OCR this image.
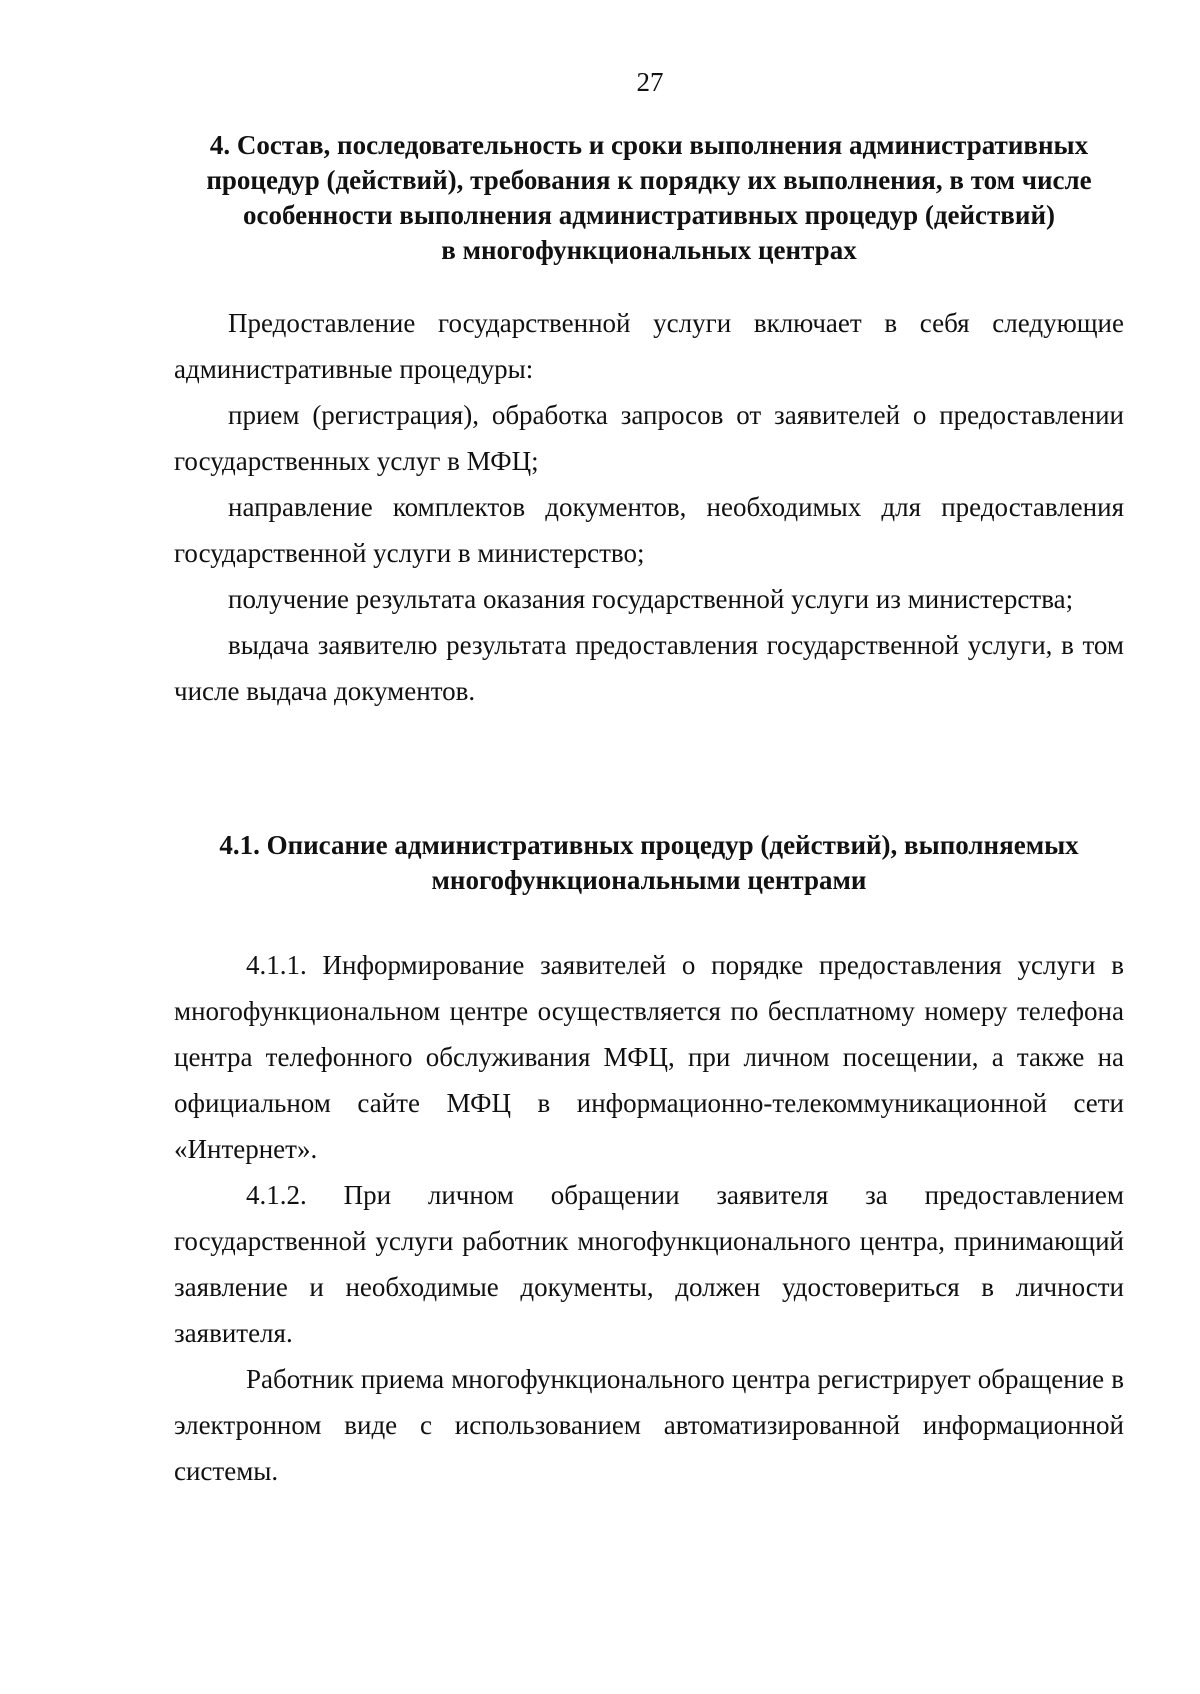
27

4. Состав, последовательность и сроки выполнения административных
процедур (действий), требования к порядку их выполнения, в том числе
особенности выполнения административных процедур (действий)
в многофункциональных центрах

Предоставление государственной услуги включает в себя следующие административные процедуры:

прием (регистрация), обработка запросов от заявителей о предоставлении государственных услуг в МФЦ;

направление комплектов документов, необходимых для предоставления государственной услуги в министерство;

получение результата оказания государственной услуги из министерства;

выдача заявителю результата предоставления государственной услуги, в том числе выдача документов.

4.1. Описание административных процедур (действий), выполняемых
многофункциональными центрами

4.1.1. Информирование заявителей о порядке предоставления услуги в многофункциональном центре осуществляется по бесплатному номеру телефона центра телефонного обслуживания МФЦ, при личном посещении, а также на официальном сайте МФЦ в информационно-телекоммуникационной сети «Интернет».

4.1.2. При личном обращении заявителя за предоставлением государственной услуги работник многофункционального центра, принимающий заявление и необходимые документы, должен удостовериться в личности заявителя.

Работник приема многофункционального центра регистрирует обращение в электронном виде с использованием автоматизированной информационной системы.
